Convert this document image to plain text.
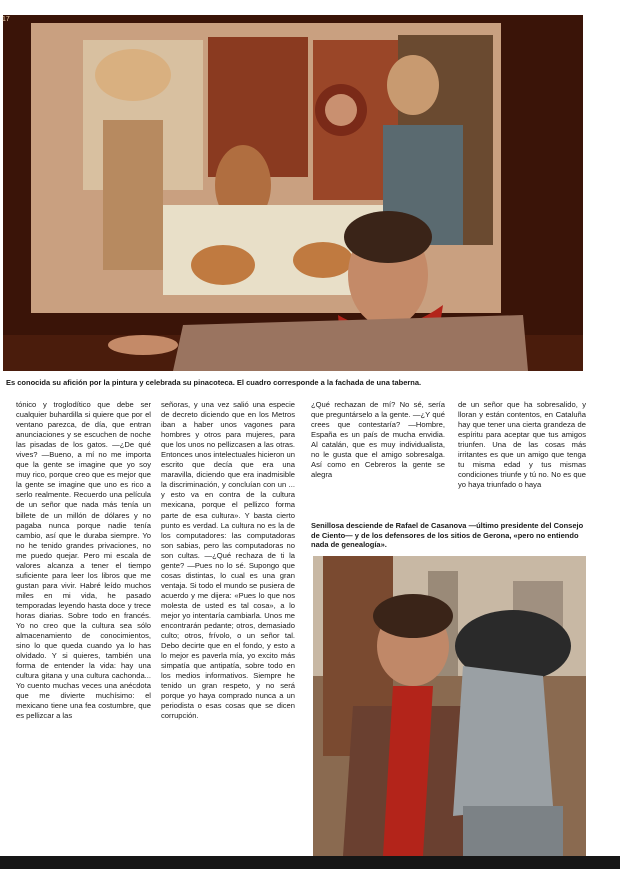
17
Es conocida su afición por la pintura y celebrada su pinacoteca. El cuadro corresponde a la fachada de una taberna.

tónico y troglodítico que debe ser cualquier buhardilla si quiere que por el ventano parezca, de día, que entran anunciaciones y se escuchen de noche las pisadas de los gatos. —¿De qué vives? —Bueno, a mí no me importa que la gente se imagine que yo soy muy rico, porque creo que es mejor que la gente se imagine que uno es rico a serlo realmente. Recuerdo una película de un señor que nada más tenía un billete de un millón de dólares y no pagaba nunca porque nadie tenía cambio, así que le duraba siempre. Yo no he tenido grandes privaciones, no me puedo quejar. Pero mi escala de valores alcanza a tener el tiempo suficiente para leer los libros que me gustan para vivir. Habré leído muchos miles en mi vida, he pasado temporadas leyendo hasta doce y trece horas diarias. Sobre todo en francés. Yo no creo que la cultura sea sólo almacenamiento de conocimientos, sino lo que queda cuando ya lo has olvidado. Y si quieres, también una forma de entender la vida: hay una cultura gitana y una cultura cachonda... Yo cuento muchas veces una anécdota que me divierte muchísimo: el mexicano tiene una fea costumbre, que es pellizcar a las

señoras, y una vez salió una especie de decreto diciendo que en los Metros iban a haber unos vagones para hombres y otros para mujeres, para que los unos no pellizcasen a las otras. Entonces unos intelectuales hicieron un escrito que decía que era una maravilla, diciendo que era inadmisible la discriminación, y concluían con un ... y esto va en contra de la cultura mexicana, porque el pellizco forma parte de esa cultura». Y basta cierto punto es verdad. La cultura no es la de los computadores: las computadoras son sabias, pero las computadoras no son cultas. —¿Qué rechaza de ti la gente? —Pues no lo sé. Supongo que cosas distintas, lo cual es una gran ventaja. Si todo el mundo se pusiera de acuerdo y me dijera: «Pues lo que nos molesta de usted es tal cosa», a lo mejor yo intentaría cambiarla. Unos me encontrarán pedante; otros, demasiado culto; otros, frívolo, o un señor tal. Debo decirte que en el fondo, y esto a lo mejor es paverla mía, yo excito más simpatía que antipatía, sobre todo en los medios informativos. Siempre he tenido un gran respeto, y no será porque yo haya comprado nunca a un periodista o esas cosas que se dicen corrupción.

¿Qué rechazan de mí? No sé, sería que preguntárselo a la gente. —¿Y qué crees que contestaría? —Hombre, España es un país de mucha envidia. Al catalán, que es muy individualista, no le gusta que el amigo sobresalga. Así como en Cebreros la gente se alegra

de un señor que ha sobresalido, y lloran y están contentos, en Cataluña hay que tener una cierta grandeza de espíritu para aceptar que tus amigos triunfen. Una de las cosas más irritantes es que un amigo que tenga tu misma edad y tus mismas condiciones triunfe y tú no. No es que yo haya triunfado o haya

Senillosa desciende de Rafael de Casanova —último presidente del Consejo de Ciento— y de los defensores de los sitios de Gerona, «pero no entiendo nada de genealogía».
